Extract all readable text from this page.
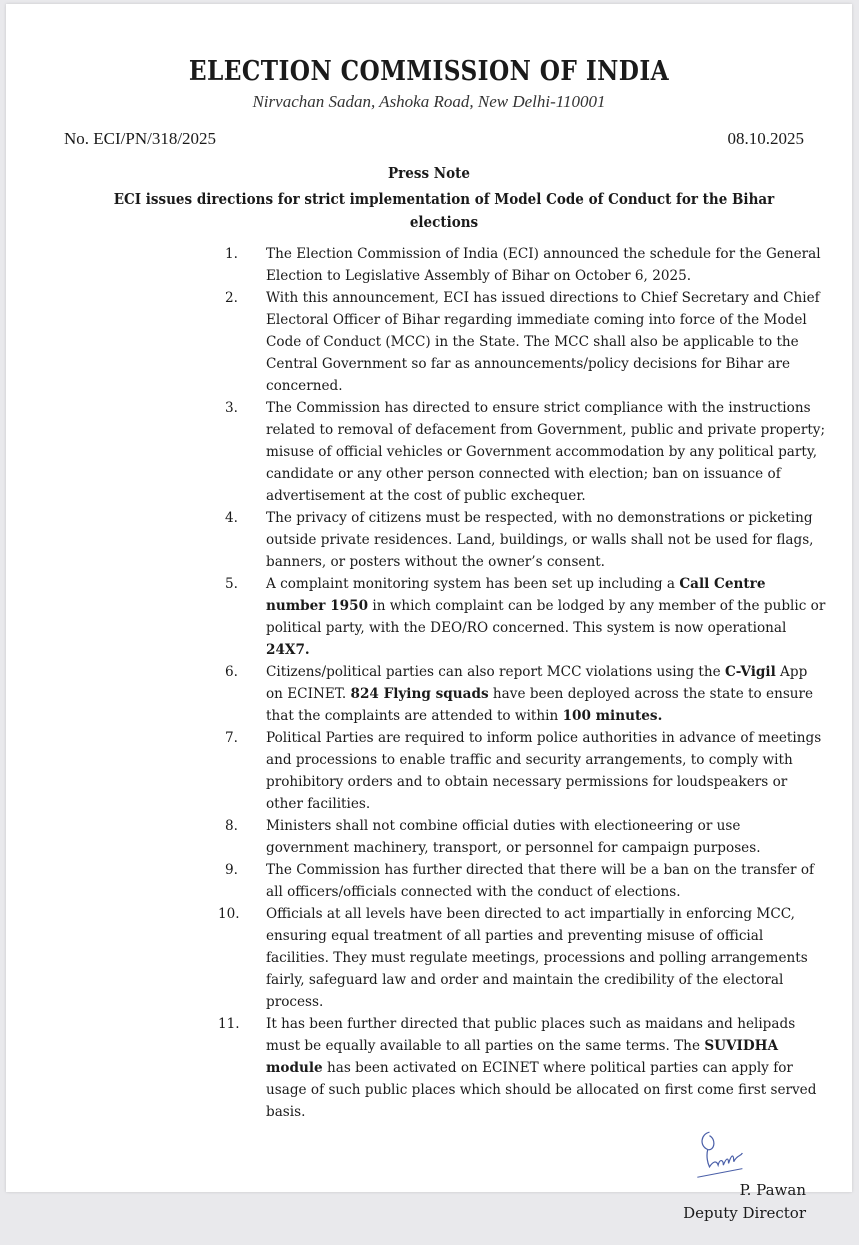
ELECTION COMMISSION OF INDIA
Nirvachan Sadan, Ashoka Road, New Delhi-110001
No. ECI/PN/318/2025	08.10.2025
Press Note
ECI issues directions for strict implementation of Model Code of Conduct for the Bihar elections
1.	The Election Commission of India (ECI) announced the schedule for the General Election to Legislative Assembly of Bihar on October 6, 2025.
2.	With this announcement, ECI has issued directions to Chief Secretary and Chief Electoral Officer of Bihar regarding immediate coming into force of the Model Code of Conduct (MCC) in the State. The MCC shall also be applicable to the Central Government so far as announcements/policy decisions for Bihar are concerned.
3.	The Commission has directed to ensure strict compliance with the instructions related to removal of defacement from Government, public and private property; misuse of official vehicles or Government accommodation by any political party, candidate or any other person connected with election; ban on issuance of advertisement at the cost of public exchequer.
4.	The privacy of citizens must be respected, with no demonstrations or picketing outside private residences. Land, buildings, or walls shall not be used for flags, banners, or posters without the owner’s consent.
5.	A complaint monitoring system has been set up including a Call Centre number 1950 in which complaint can be lodged by any member of the public or political party, with the DEO/RO concerned. This system is now operational 24X7.
6.	Citizens/political parties can also report MCC violations using the C-Vigil App on ECINET. 824 Flying squads have been deployed across the state to ensure that the complaints are attended to within 100 minutes.
7.	Political Parties are required to inform police authorities in advance of meetings and processions to enable traffic and security arrangements, to comply with prohibitory orders and to obtain necessary permissions for loudspeakers or other facilities.
8.	Ministers shall not combine official duties with electioneering or use government machinery, transport, or personnel for campaign purposes.
9.	The Commission has further directed that there will be a ban on the transfer of all officers/officials connected with the conduct of elections.
10.	Officials at all levels have been directed to act impartially in enforcing MCC, ensuring equal treatment of all parties and preventing misuse of official facilities. They must regulate meetings, processions and polling arrangements fairly, safeguard law and order and maintain the credibility of the electoral process.
11.	It has been further directed that public places such as maidans and helipads must be equally available to all parties on the same terms. The SUVIDHA module has been activated on ECINET where political parties can apply for usage of such public places which should be allocated on first come first served basis.
P. Pawan
Deputy Director
